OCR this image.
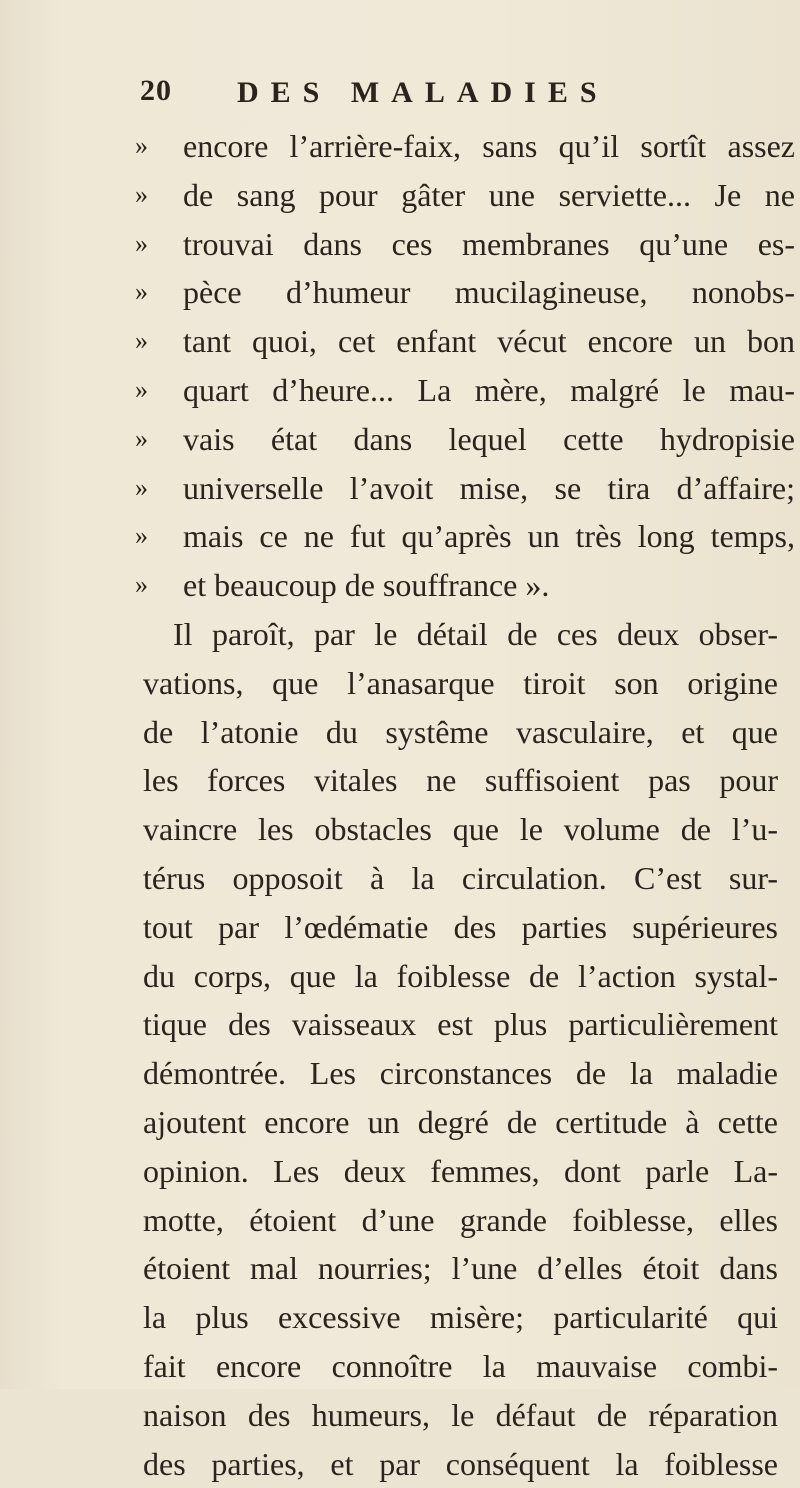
20 DES MALADIES
»	encore l’arrière-faix, sans qu’il sortît assez
»	de sang pour gâter une serviette... Je ne
»	trouvai dans ces membranes qu’une es-
»	pèce d’humeur mucilagineuse, nonobs-
»	tant quoi, cet enfant vécut encore un bon
»	quart d’heure... La mère, malgré le mau-
»	vais état dans lequel cette hydropisie
»	universelle l’avoit mise, se tira d’affaire;
»	mais ce ne fut qu’après un très long temps,
»	et beaucoup de souffrance ».
Il paroît, par le détail de ces deux obser-
vations, que l’anasarque tiroit son origine
de l’atonie du systême vasculaire, et que
les forces vitales ne suffisoient pas pour
vaincre les obstacles que le volume de l’u-
térus opposoit à la circulation. C’est sur-
tout par l’œdématie des parties supérieures
du corps, que la foiblesse de l’action systal-
tique des vaisseaux est plus particulièrement
démontrée. Les circonstances de la maladie
ajoutent encore un degré de certitude à cette
opinion. Les deux femmes, dont parle La-
motte, étoient d’une grande foiblesse, elles
étoient mal nourries; l’une d’elles étoit dans
la plus excessive misère; particularité qui
fait encore connoître la mauvaise combi-
naison des humeurs, le défaut de réparation
des parties, et par conséquent la foiblesse
